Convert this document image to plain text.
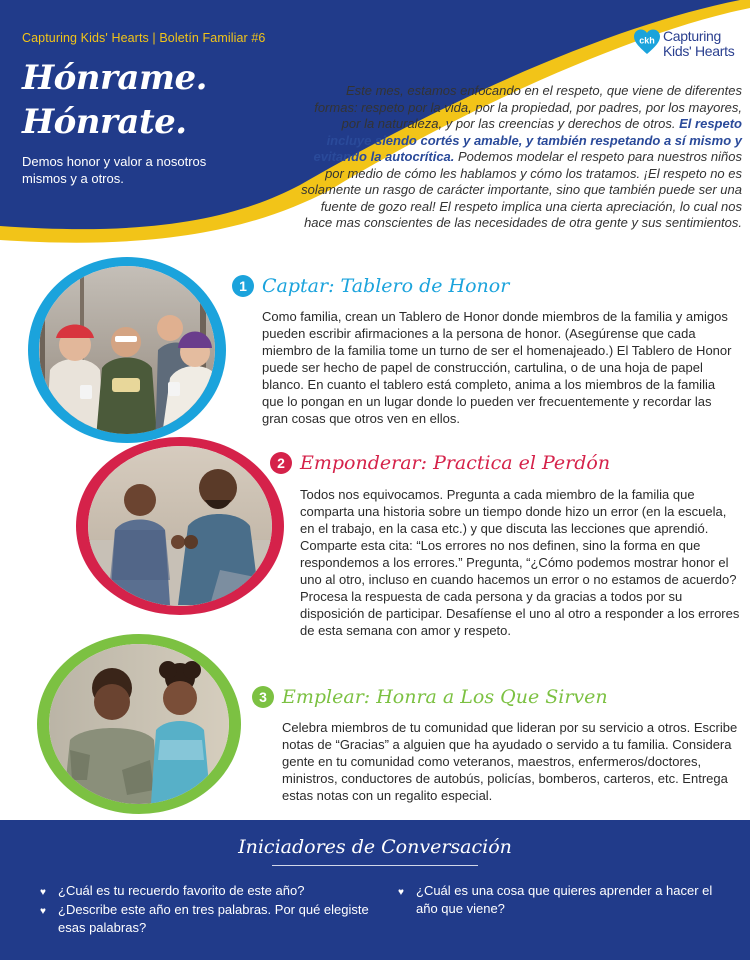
Capturing Kids' Hearts | Boletín Familiar #6
Hónrame.
Hónrate.
Demos honor y valor a nosotros mismos y a otros.
ckh Capturing
Kids' Hearts
Este mes, estamos enfocando en el respeto, que viene de diferentes formas: respeto por la vida, por la propiedad, por padres, por los mayores, por la naturaleza, y por las creencias y derechos de otros. El respeto incluye siendo cortés y amable, y también respetando a sí mismo y evitando la autocrítica. Podemos modelar el respeto para nuestros niños por medio de cómo les hablamos y cómo los tratamos. ¡El respeto no es solamente un rasgo de carácter importante, sino que también puede ser una fuente de gozo real! El respeto implica una cierta apreciación, lo cual nos hace mas conscientes de las necesidades de otra gente y sus sentimientos.
1 Captar: Tablero de Honor
Como familia, crean un Tablero de Honor donde miembros de la familia y amigos pueden escribir afirmaciones a la persona de honor. (Asegúrense que cada miembro de la familia tome un turno de ser el homenajeado.) El Tablero de Honor puede ser hecho de papel de construcción, cartulina, o de una hoja de papel blanco. En cuanto el tablero está completo, anima a los miembros de la familia que lo pongan en un lugar donde lo pueden ver frecuentemente y recordar las gran cosas que otros ven en ellos.
2 Emponderar: Practica el Perdón
Todos nos equivocamos. Pregunta a cada miembro de la familia que comparta una historia sobre un tiempo donde hizo un error (en la escuela, en el trabajo, en la casa etc.) y que discuta las lecciones que aprendió. Comparte esta cita: “Los errores no nos definen, sino la forma en que respondemos a los errores.” Pregunta, “¿Cómo podemos mostrar honor el uno al otro, incluso en cuando hacemos un error o no estamos de acuerdo? Procesa la respuesta de cada persona y da gracias a todos por su disposición de participar. Desafíense el uno al otro a responder a los errores de esta semana con amor y respeto.
3 Emplear: Honra a Los Que Sirven
Celebra miembros de tu comunidad que lideran por su servicio a otros. Escribe notas de “Gracias” a alguien que ha ayudado o servido a tu familia. Considera gente en tu comunidad como veteranos, maestros, enfermeros/doctores, ministros, conductores de autobús, policías, bomberos, carteros, etc. Entrega estas notas con un regalito especial.
Iniciadores de Conversación
♥ ¿Cuál es tu recuerdo favorito de este año?
♥ ¿Describe este año en tres palabras. Por qué elegiste esas palabras?
♥ ¿Cuál es una cosa que quieres aprender a hacer el año que viene?
